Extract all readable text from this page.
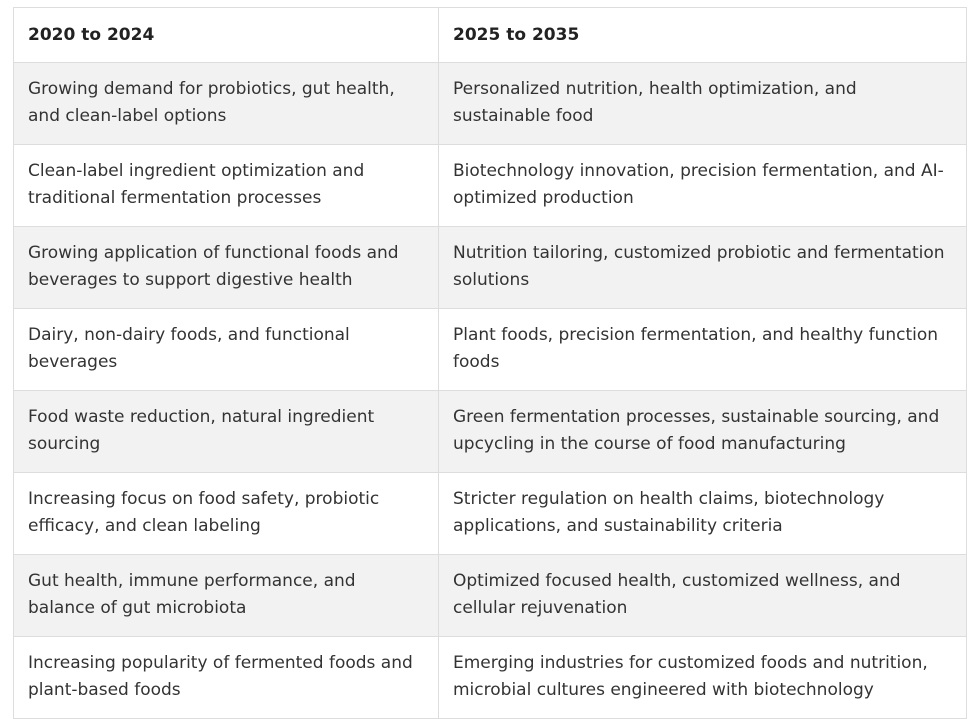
2020 to 2024	2025 to 2035
Growing demand for probiotics, gut health, and clean-label options	Personalized nutrition, health optimization, and sustainable food
Clean-label ingredient optimization and traditional fermentation processes	Biotechnology innovation, precision fermentation, and AI-optimized production
Growing application of functional foods and beverages to support digestive health	Nutrition tailoring, customized probiotic and fermentation solutions
Dairy, non-dairy foods, and functional beverages	Plant foods, precision fermentation, and healthy function foods
Food waste reduction, natural ingredient sourcing	Green fermentation processes, sustainable sourcing, and upcycling in the course of food manufacturing
Increasing focus on food safety, probiotic efficacy, and clean labeling	Stricter regulation on health claims, biotechnology applications, and sustainability criteria
Gut health, immune performance, and balance of gut microbiota	Optimized focused health, customized wellness, and cellular rejuvenation
Increasing popularity of fermented foods and plant-based foods	Emerging industries for customized foods and nutrition, microbial cultures engineered with biotechnology
